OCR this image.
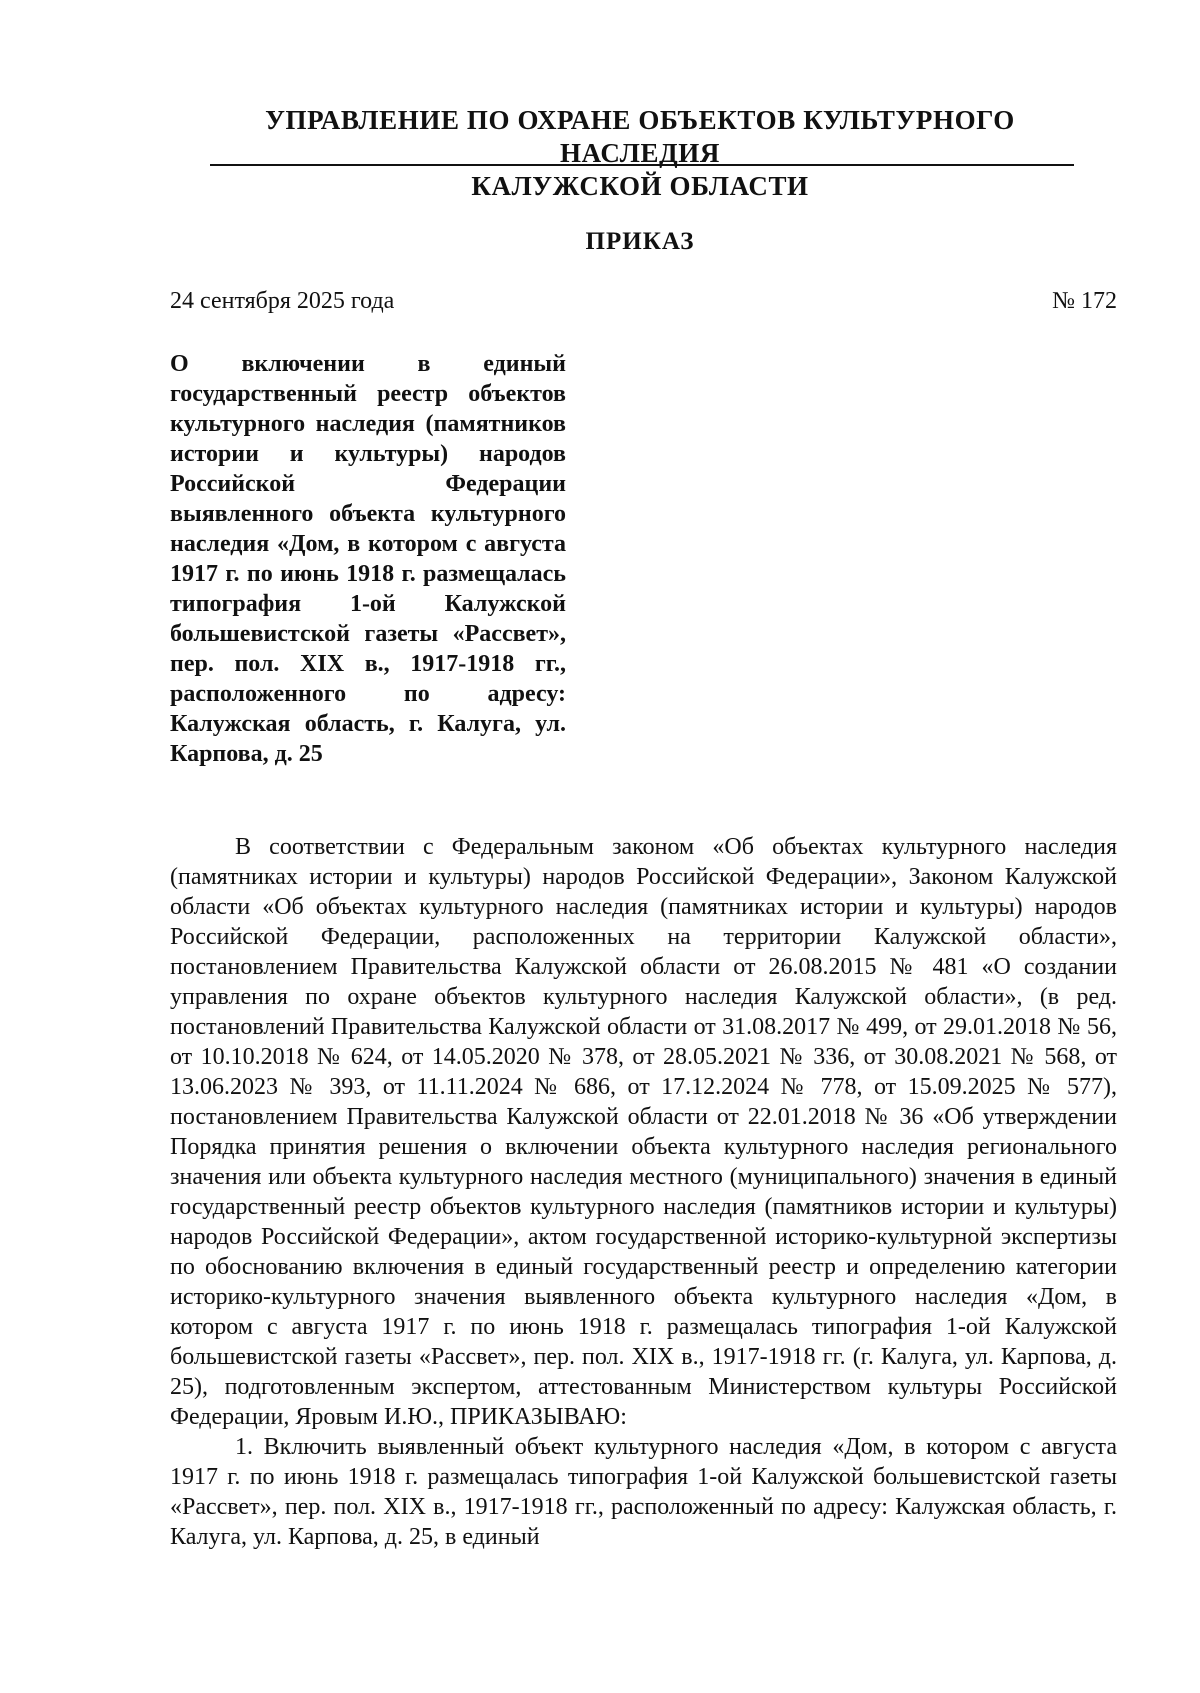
УПРАВЛЕНИЕ ПО ОХРАНЕ ОБЪЕКТОВ КУЛЬТУРНОГО НАСЛЕДИЯ
КАЛУЖСКОЙ ОБЛАСТИ
ПРИКАЗ
24 сентября 2025 года	№ 172
О включении в единый государственный реестр объектов культурного наследия (памятников истории и культуры) народов Российской Федерации выявленного объекта культурного наследия «Дом, в котором с августа 1917 г. по июнь 1918 г. размещалась типография 1-ой Калужской большевистской газеты «Рассвет», пер. пол. XIX в., 1917-1918 гг., расположенного по адресу: Калужская область, г. Калуга, ул. Карпова, д. 25

В соответствии с Федеральным законом «Об объектах культурного наследия (памятниках истории и культуры) народов Российской Федерации», Законом Калужской области «Об объектах культурного наследия (памятниках истории и культуры) народов Российской Федерации, расположенных на территории Калужской области», постановлением Правительства Калужской области от 26.08.2015 № 481 «О создании управления по охране объектов культурного наследия Калужской области», (в ред. постановлений Правительства Калужской области от 31.08.2017 № 499, от 29.01.2018 № 56, от 10.10.2018 № 624, от 14.05.2020 № 378, от 28.05.2021 № 336, от 30.08.2021 № 568, от 13.06.2023 № 393, от 11.11.2024 № 686, от 17.12.2024 № 778, от 15.09.2025 № 577), постановлением Правительства Калужской области от 22.01.2018 № 36 «Об утверждении Порядка принятия решения о включении объекта культурного наследия регионального значения или объекта культурного наследия местного (муниципального) значения в единый государственный реестр объектов культурного наследия (памятников истории и культуры) народов Российской Федерации», актом государственной историко-культурной экспертизы по обоснованию включения в единый государственный реестр и определению категории историко-культурного значения выявленного объекта культурного наследия «Дом, в котором с августа 1917 г. по июнь 1918 г. размещалась типография 1-ой Калужской большевистской газеты «Рассвет», пер. пол. XIX в., 1917-1918 гг. (г. Калуга, ул. Карпова, д. 25), подготовленным экспертом, аттестованным Министерством культуры Российской Федерации, Яровым И.Ю., ПРИКАЗЫВАЮ:

1. Включить выявленный объект культурного наследия «Дом, в котором с августа 1917 г. по июнь 1918 г. размещалась типография 1-ой Калужской большевистской газеты «Рассвет», пер. пол. XIX в., 1917-1918 гг., расположенный по адресу: Калужская область, г. Калуга, ул. Карпова, д. 25, в единый
